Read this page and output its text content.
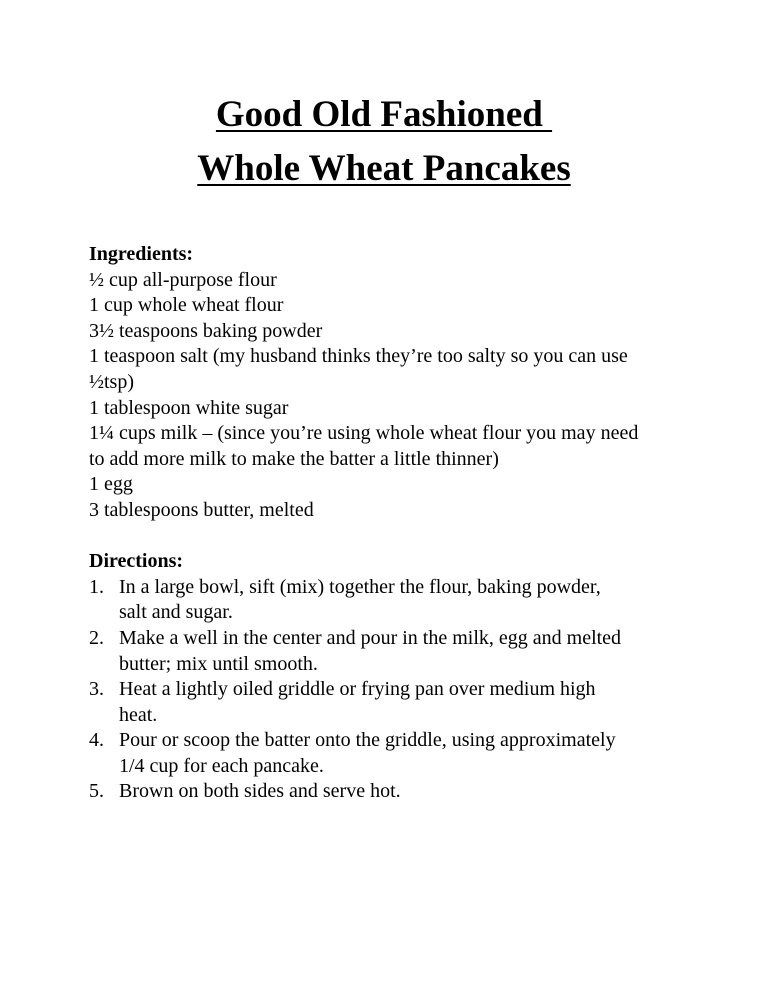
Good Old Fashioned
Whole Wheat Pancakes

Ingredients:

½ cup all-purpose flour
1 cup whole wheat flour
3½ teaspoons baking powder
1 teaspoon salt (my husband thinks they’re too salty so you can use
½tsp)
1 tablespoon white sugar
1¼ cups milk – (since you’re using whole wheat flour you may need
to add more milk to make the batter a little thinner)
1 egg
3 tablespoons butter, melted

Directions:

1. In a large bowl, sift (mix) together the flour, baking powder,
salt and sugar.
2. Make a well in the center and pour in the milk, egg and melted
butter; mix until smooth.
3. Heat a lightly oiled griddle or frying pan over medium high
heat.
4. Pour or scoop the batter onto the griddle, using approximately
1/4 cup for each pancake.
5. Brown on both sides and serve hot.
